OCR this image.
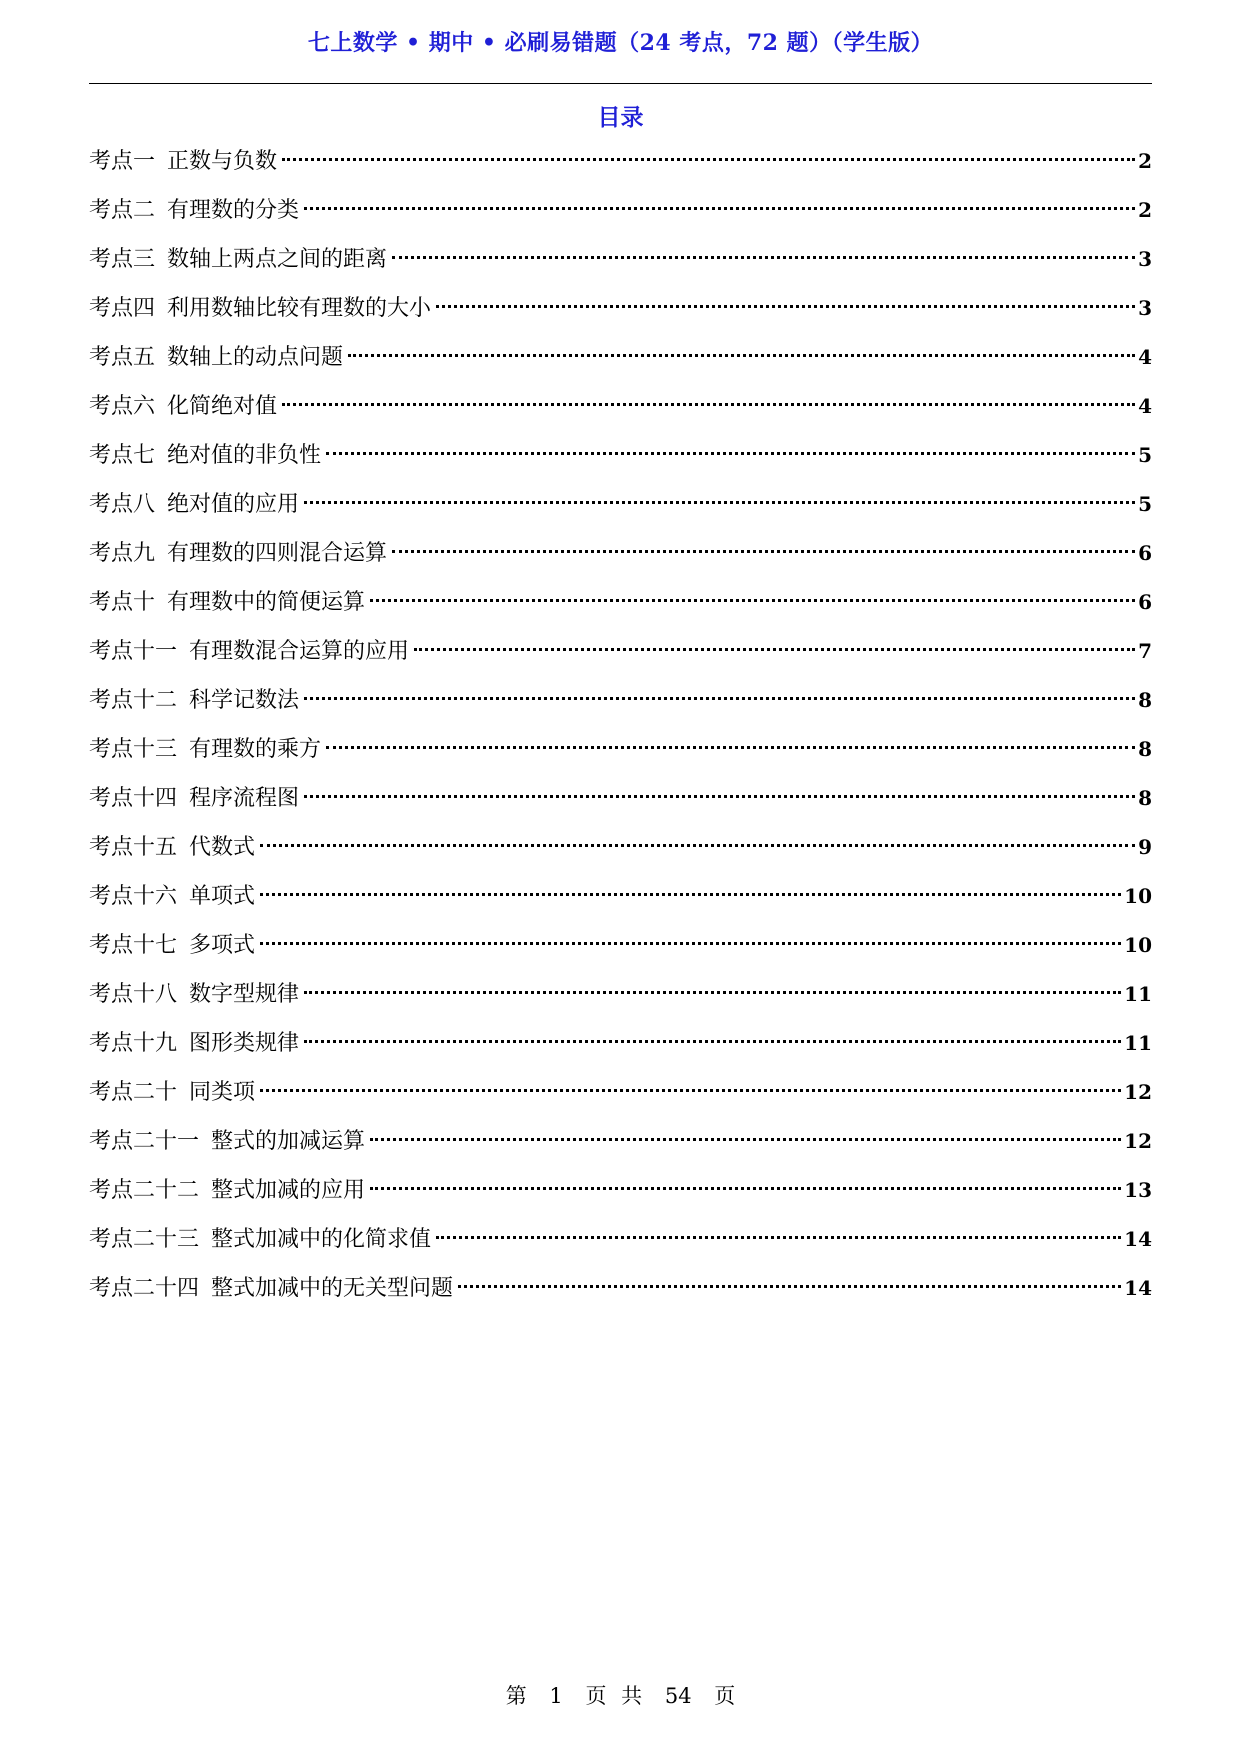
七上数学 • 期中 • 必刷易错题（24 考点，72 题）（学生版）
目录
考点一 正数与负数	2
考点二 有理数的分类	2
考点三 数轴上两点之间的距离	3
考点四 利用数轴比较有理数的大小	3
考点五 数轴上的动点问题	4
考点六 化简绝对值	4
考点七 绝对值的非负性	5
考点八 绝对值的应用	5
考点九 有理数的四则混合运算	6
考点十 有理数中的简便运算	6
考点十一 有理数混合运算的应用	7
考点十二 科学记数法	8
考点十三 有理数的乘方	8
考点十四 程序流程图	8
考点十五 代数式	9
考点十六 单项式	10
考点十七 多项式	10
考点十八 数字型规律	11
考点十九 图形类规律	11
考点二十 同类项	12
考点二十一 整式的加减运算	12
考点二十二 整式加减的应用	13
考点二十三 整式加减中的化简求值	14
考点二十四 整式加减中的无关型问题	14
第 1 页 共 54 页
